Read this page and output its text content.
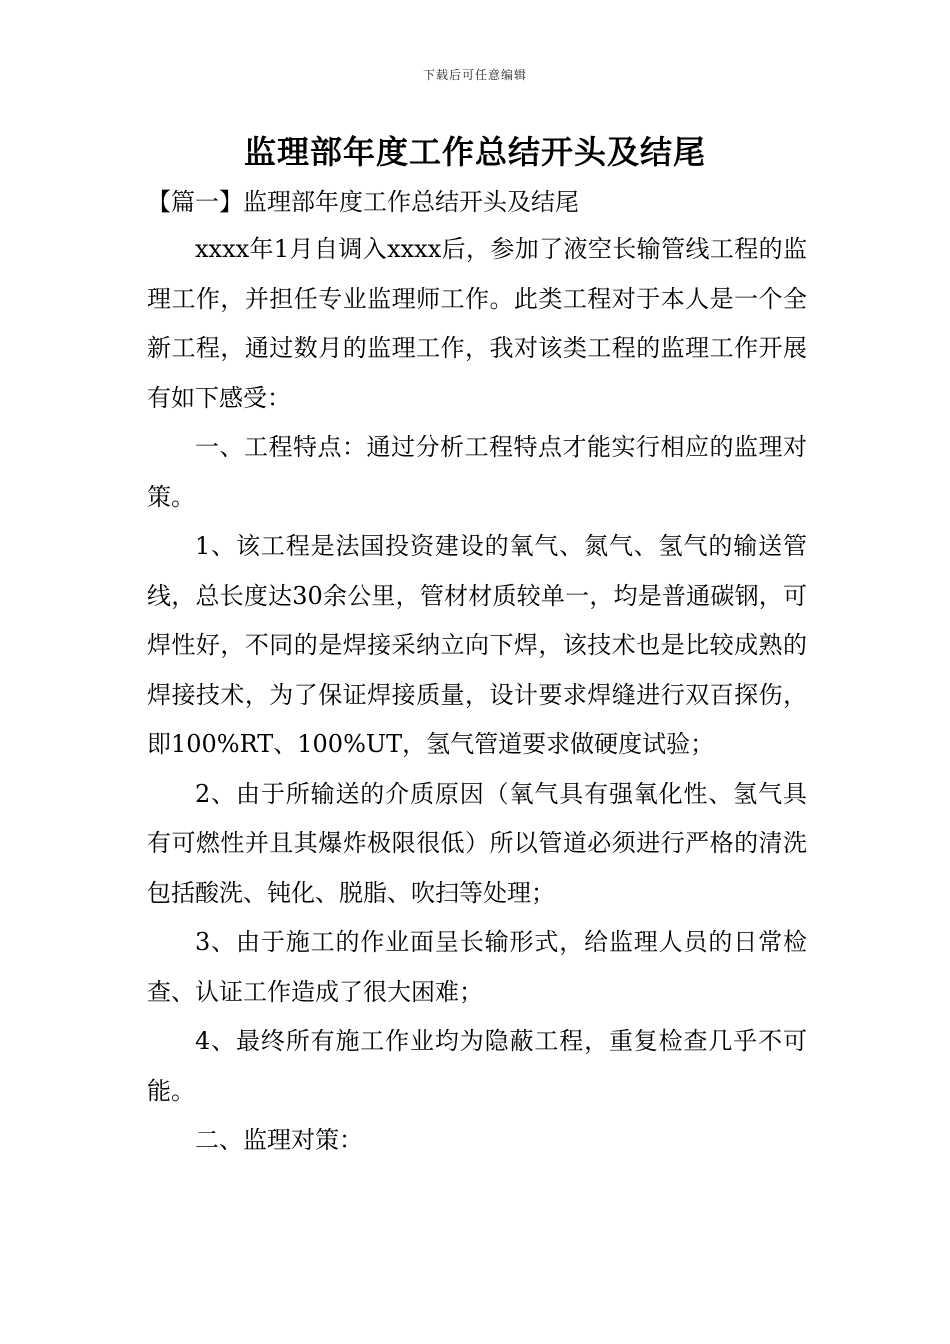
下载后可任意编辑
监理部年度工作总结开头及结尾
【篇一】监理部年度工作总结开头及结尾

xxxx年1月自调入xxxx后，参加了液空长输管线工程的监理工作，并担任专业监理师工作。此类工程对于本人是一个全新工程，通过数月的监理工作，我对该类工程的监理工作开展有如下感受：

一、工程特点：通过分析工程特点才能实行相应的监理对策。

1、该工程是法国投资建设的氧气、氮气、氢气的输送管线，总长度达30余公里，管材材质较单一，均是普通碳钢，可焊性好，不同的是焊接采纳立向下焊，该技术也是比较成熟的焊接技术，为了保证焊接质量，设计要求焊缝进行双百探伤，即100%RT、100%UT，氢气管道要求做硬度试验；

2、由于所输送的介质原因（氧气具有强氧化性、氢气具有可燃性并且其爆炸极限很低）所以管道必须进行严格的清洗包括酸洗、钝化、脱脂、吹扫等处理；

3、由于施工的作业面呈长输形式，给监理人员的日常检查、认证工作造成了很大困难；

4、最终所有施工作业均为隐蔽工程，重复检查几乎不可能。

二、监理对策：
